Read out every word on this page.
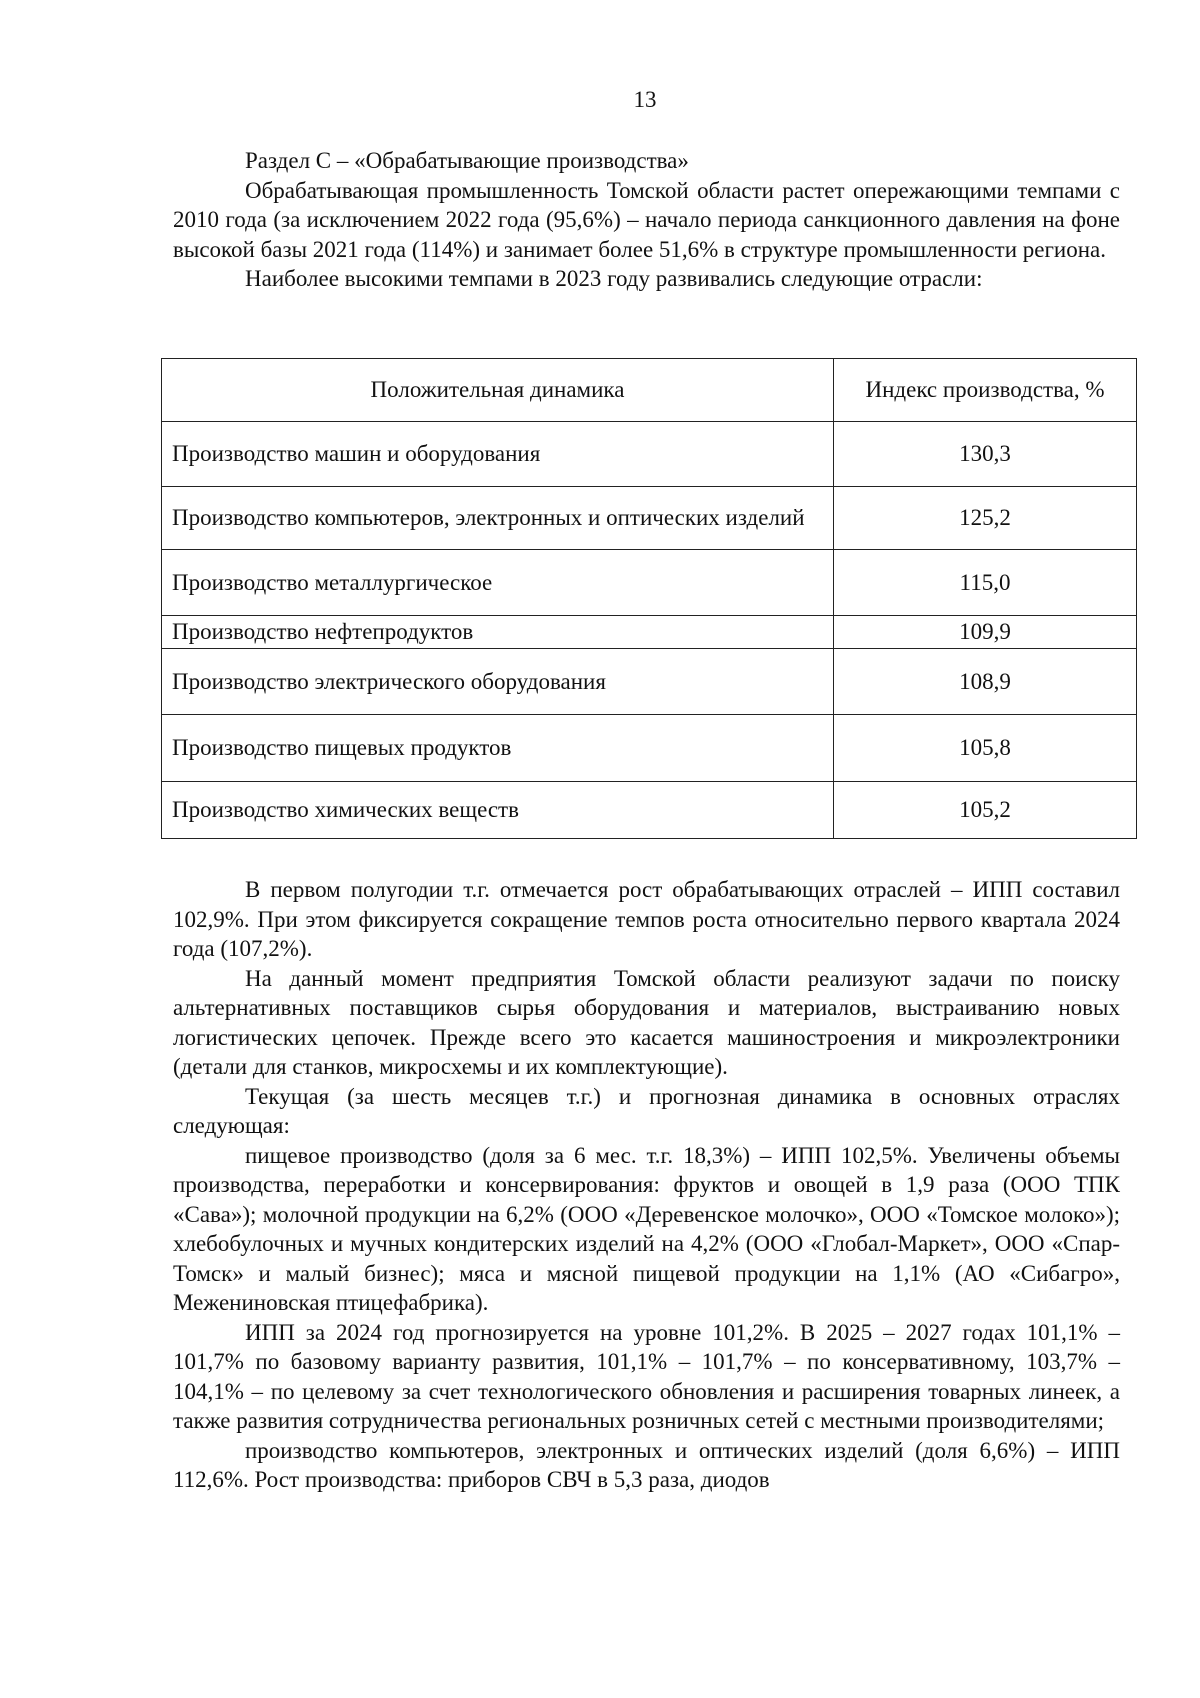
13

Раздел С – «Обрабатывающие производства»

Обрабатывающая промышленность Томской области растет опережающими темпами с 2010 года (за исключением 2022 года (95,6%) – начало периода санкционного давления на фоне высокой базы 2021 года (114%) и занимает более 51,6% в структуре промышленности региона.

Наиболее высокими темпами в 2023 году развивались следующие отрасли:

Положительная динамика	Индекс производства, %
Производство машин и оборудования	130,3
Производство компьютеров, электронных и оптических изделий	125,2
Производство металлургическое	115,0
Производство нефтепродуктов	109,9
Производство электрического оборудования	108,9
Производство пищевых продуктов	105,8
Производство химических веществ	105,2

В первом полугодии т.г. отмечается рост обрабатывающих отраслей – ИПП составил 102,9%. При этом фиксируется сокращение темпов роста относительно первого квартала 2024 года (107,2%).

На данный момент предприятия Томской области реализуют задачи по поиску альтернативных поставщиков сырья оборудования и материалов, выстраиванию новых логистических цепочек. Прежде всего это касается машиностроения и микроэлектроники (детали для станков, микросхемы и их комплектующие).

Текущая (за шесть месяцев т.г.) и прогнозная динамика в основных отраслях следующая:

пищевое производство (доля за 6 мес. т.г. 18,3%) – ИПП 102,5%. Увеличены объемы производства, переработки и консервирования: фруктов и овощей в 1,9 раза (ООО ТПК «Сава»); молочной продукции на 6,2% (ООО «Деревенское молочко», ООО «Томское молоко»); хлебобулочных и мучных кондитерских изделий на 4,2% (ООО «Глобал-Маркет», ООО «Спар-Томск» и малый бизнес); мяса и мясной пищевой продукции на 1,1% (АО «Сибагро», Межениновская птицефабрика).

ИПП за 2024 год прогнозируется на уровне 101,2%. В 2025 – 2027 годах 101,1% – 101,7% по базовому варианту развития, 101,1% – 101,7% – по консервативному, 103,7% – 104,1% – по целевому за счет технологического обновления и расширения товарных линеек, а также развития сотрудничества региональных розничных сетей с местными производителями;

производство компьютеров, электронных и оптических изделий (доля 6,6%) – ИПП 112,6%. Рост производства: приборов СВЧ в 5,3 раза, диодов
